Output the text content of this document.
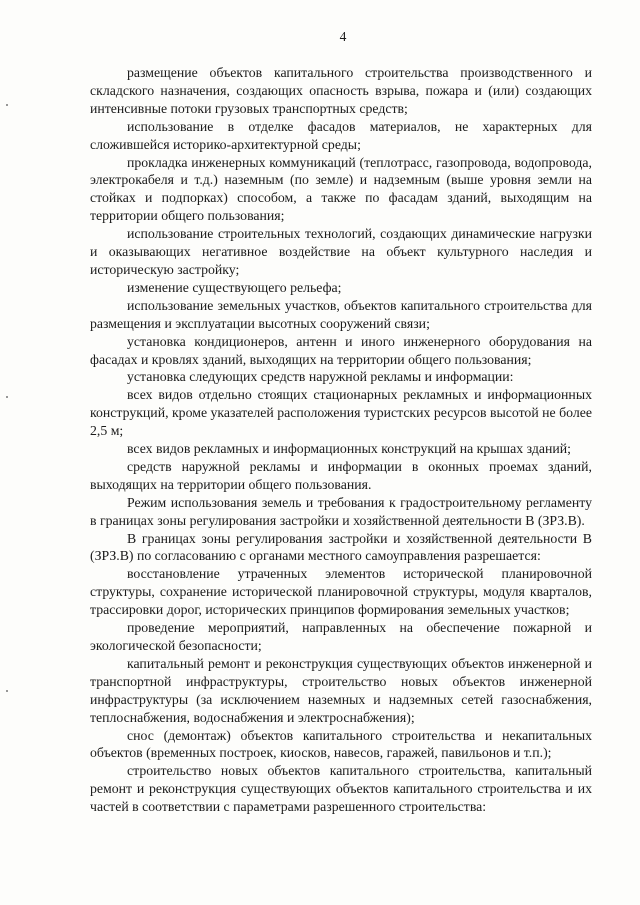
4

размещение объектов капитального строительства производственного и складского назначения, создающих опасность взрыва, пожара и (или) создающих интенсивные потоки грузовых транспортных средств;

использование в отделке фасадов материалов, не характерных для сложившейся историко-архитектурной среды;

прокладка инженерных коммуникаций (теплотрасс, газопровода, водопровода, электрокабеля и т.д.) наземным (по земле) и надземным (выше уровня земли на стойках и подпорках) способом, а также по фасадам зданий, выходящим на территории общего пользования;

использование строительных технологий, создающих динамические нагрузки и оказывающих негативное воздействие на объект культурного наследия и историческую застройку;

изменение существующего рельефа;

использование земельных участков, объектов капитального строительства для размещения и эксплуатации высотных сооружений связи;

установка кондиционеров, антенн и иного инженерного оборудования на фасадах и кровлях зданий, выходящих на территории общего пользования;

установка следующих средств наружной рекламы и информации:

всех видов отдельно стоящих стационарных рекламных и информационных конструкций, кроме указателей расположения туристских ресурсов высотой не более 2,5 м;

всех видов рекламных и информационных конструкций на крышах зданий;

средств наружной рекламы и информации в оконных проемах зданий, выходящих на территории общего пользования.

Режим использования земель и требования к градостроительному регламенту в границах зоны регулирования застройки и хозяйственной деятельности В (ЗРЗ.В).

В границах зоны регулирования застройки и хозяйственной деятельности В (ЗРЗ.В) по согласованию с органами местного самоуправления разрешается:

восстановление утраченных элементов исторической планировочной структуры, сохранение исторической планировочной структуры, модуля кварталов, трассировки дорог, исторических принципов формирования земельных участков;

проведение мероприятий, направленных на обеспечение пожарной и экологической безопасности;

капитальный ремонт и реконструкция существующих объектов инженерной и транспортной инфраструктуры, строительство новых объектов инженерной инфраструктуры (за исключением наземных и надземных сетей газоснабжения, теплоснабжения, водоснабжения и электроснабжения);

снос (демонтаж) объектов капитального строительства и некапитальных объектов (временных построек, киосков, навесов, гаражей, павильонов и т.п.);

строительство новых объектов капитального строительства, капитальный ремонт и реконструкция существующих объектов капитального строительства и их частей в соответствии с параметрами разрешенного строительства:
